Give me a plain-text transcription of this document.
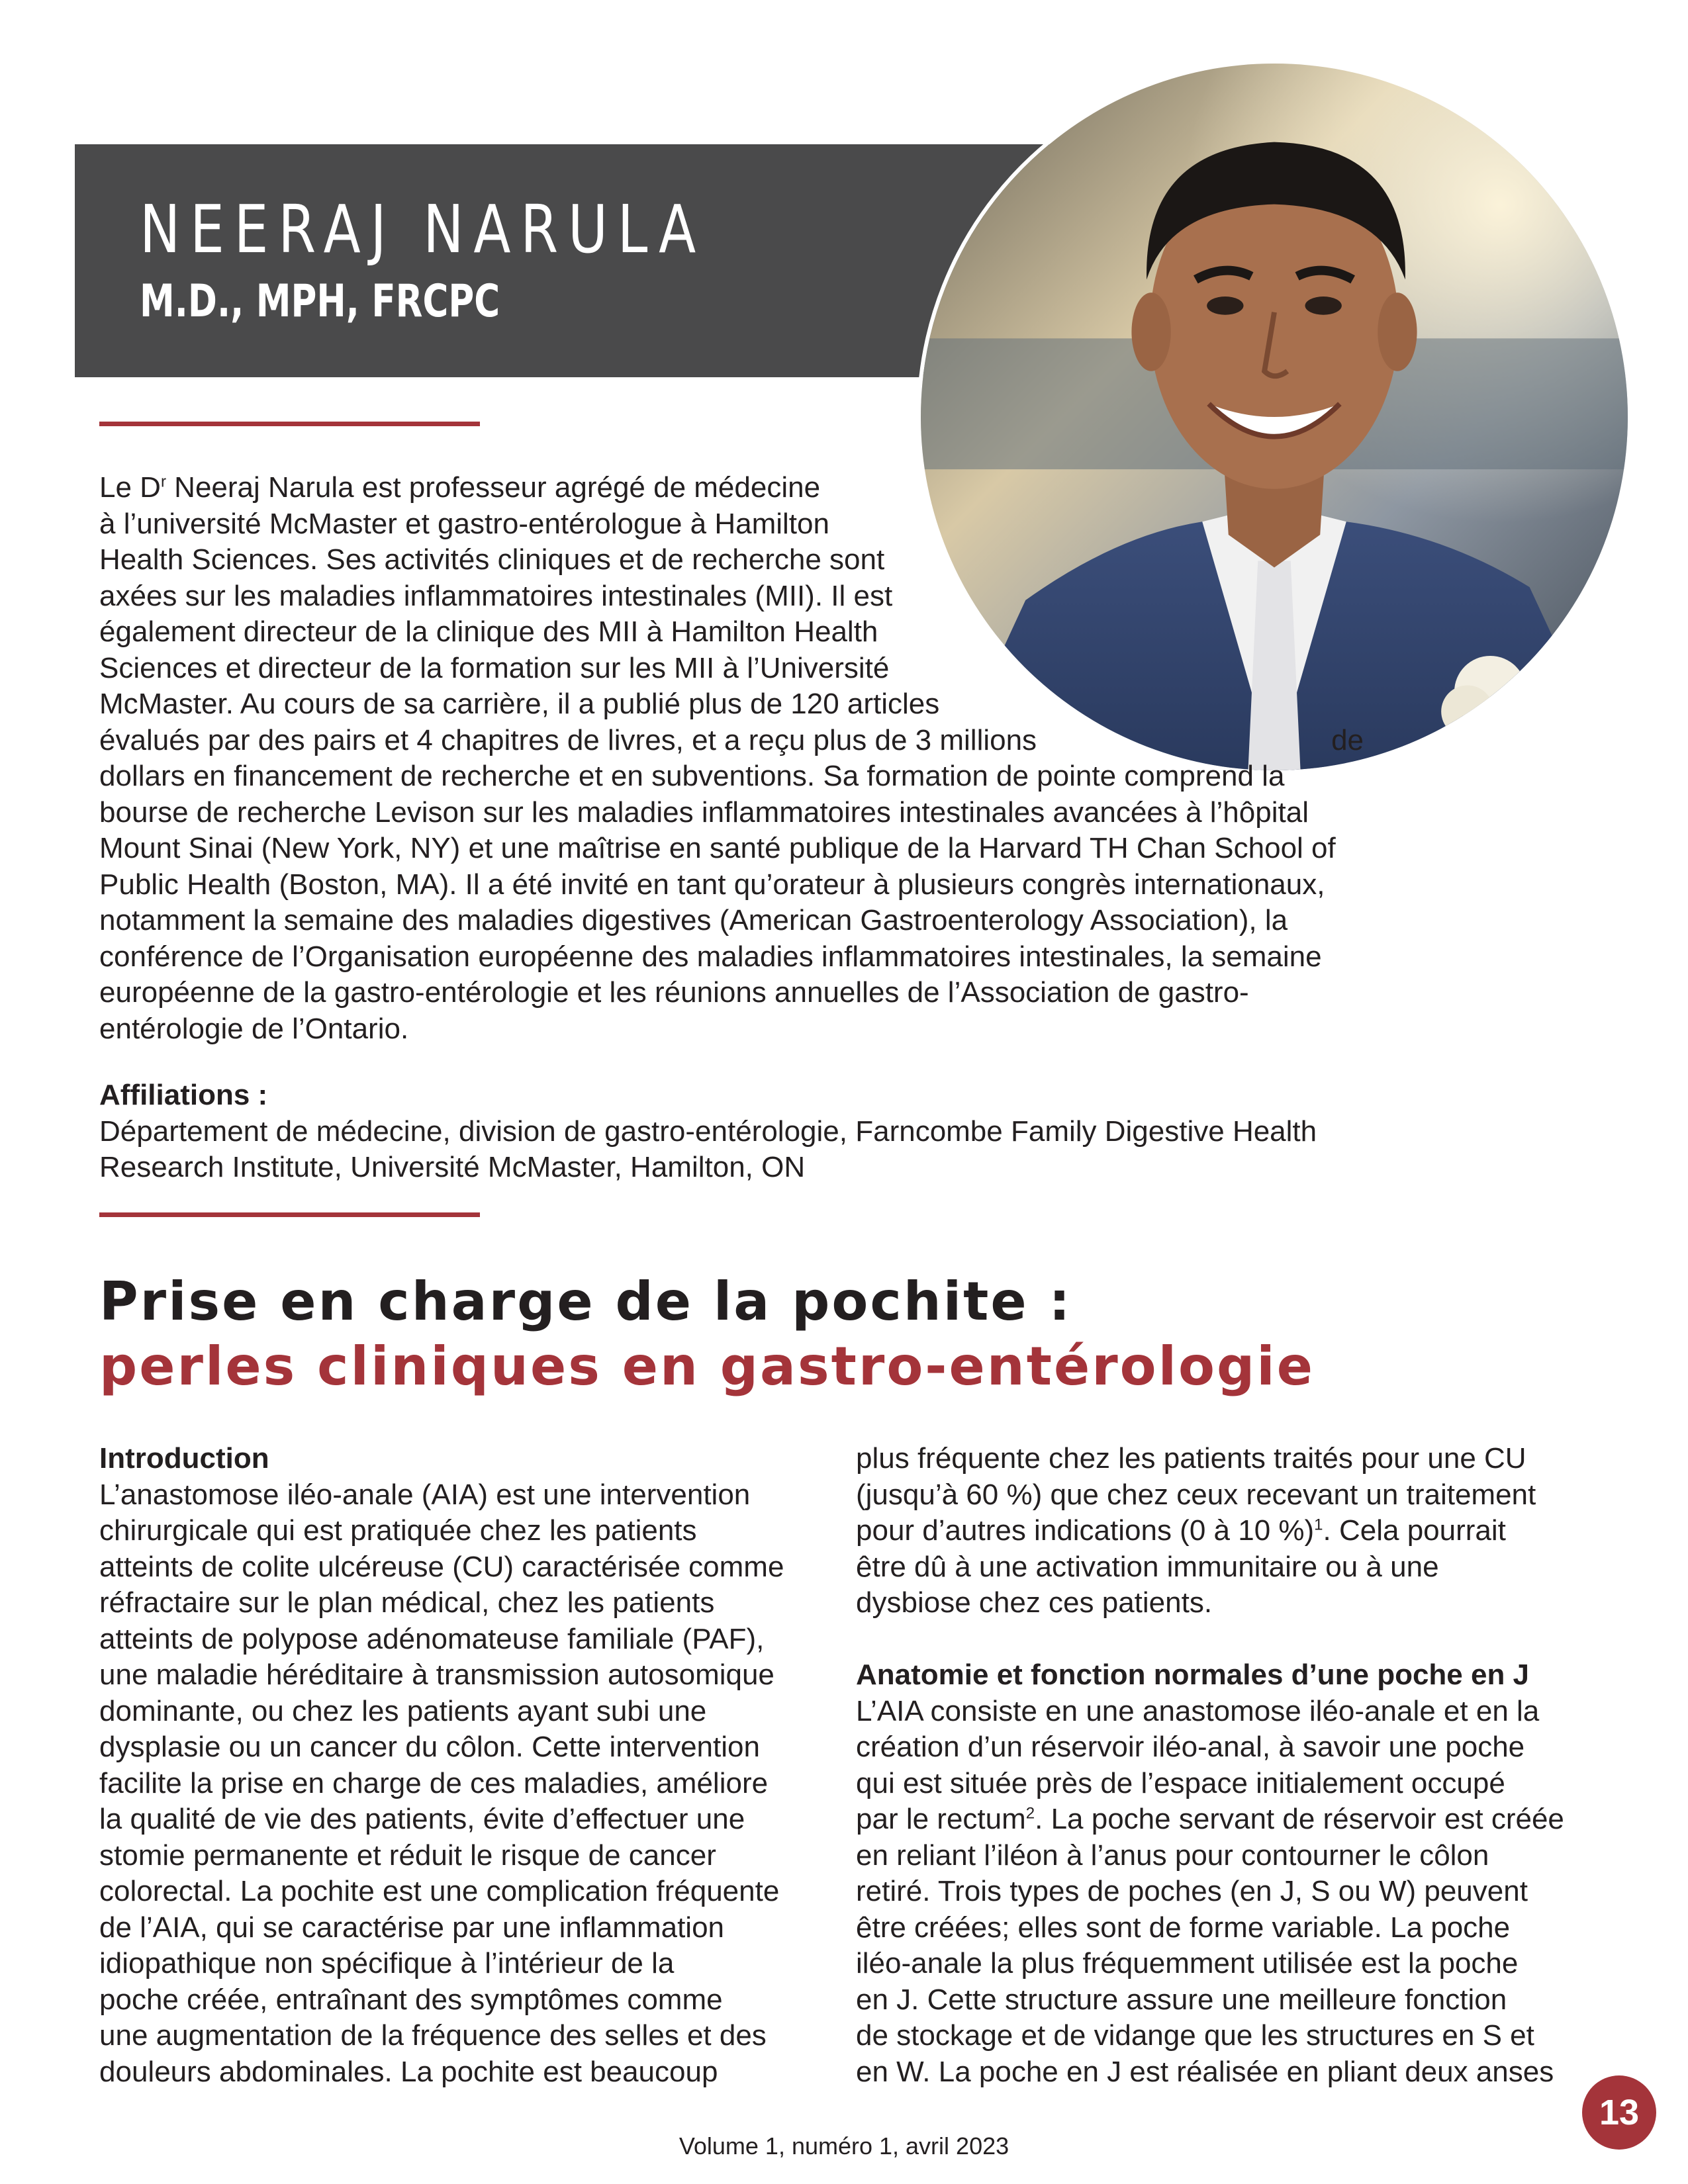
NEERAJ NARULA
M.D., MPH, FRCPC
Le $D^r$ Neeraj Narula est professeur agrégé de médecine
à l’université McMaster et gastro-entérologue à Hamilton
Health Sciences. Ses activités cliniques et de recherche sont
axées sur les maladies inflammatoires intestinales (MII). Il est
également directeur de la clinique des MII à Hamilton Health
Sciences et directeur de la formation sur les MII à l’Université
McMaster. Au cours de sa carrière, il a publié plus de 120 articles
évalués par des pairs et 4 chapitres de livres, et a reçu plus de 3 millions	de
dollars en financement de recherche et en subventions. Sa formation de pointe comprend la
bourse de recherche Levison sur les maladies inflammatoires intestinales avancées à l’hôpital
Mount Sinai (New York, NY) et une maîtrise en santé publique de la Harvard TH Chan School of
Public Health (Boston, MA). Il a été invité en tant qu’orateur à plusieurs congrès internationaux,
notamment la semaine des maladies digestives (American Gastroenterology Association), la
conférence de l’Organisation européenne des maladies inflammatoires intestinales, la semaine
européenne de la gastro-entérologie et les réunions annuelles de l’Association de gastro-
entérologie de l’Ontario.
Affiliations :
Département de médecine, division de gastro-entérologie, Farncombe Family Digestive Health
Research Institute, Université McMaster, Hamilton, ON
Prise en charge de la pochite :
perles cliniques en gastro-entérologie
Introduction
L’anastomose iléo-anale (AIA) est une intervention
chirurgicale qui est pratiquée chez les patients
atteints de colite ulcéreuse (CU) caractérisée comme
réfractaire sur le plan médical, chez les patients
atteints de polypose adénomateuse familiale (PAF),
une maladie héréditaire à transmission autosomique
dominante, ou chez les patients ayant subi une
dysplasie ou un cancer du côlon. Cette intervention
facilite la prise en charge de ces maladies, améliore
la qualité de vie des patients, évite d’effectuer une
stomie permanente et réduit le risque de cancer
colorectal. La pochite est une complication fréquente
de l’AIA, qui se caractérise par une inflammation
idiopathique non spécifique à l’intérieur de la
poche créée, entraînant des symptômes comme
une augmentation de la fréquence des selles et des
douleurs abdominales. La pochite est beaucoup
plus fréquente chez les patients traités pour une CU
(jusqu’à 60 %) que chez ceux recevant un traitement
pour d’autres indications (0 à 10 %)$^1$. Cela pourrait
être dû à une activation immunitaire ou à une
dysbiose chez ces patients.
Anatomie et fonction normales d’une poche en J
L’AIA consiste en une anastomose iléo-anale et en la
création d’un réservoir iléo-anal, à savoir une poche
qui est située près de l’espace initialement occupé
par le rectum$^2$. La poche servant de réservoir est créée
en reliant l’iléon à l’anus pour contourner le côlon
retiré. Trois types de poches (en J, S ou W) peuvent
être créées; elles sont de forme variable. La poche
iléo-anale la plus fréquemment utilisée est la poche
en J. Cette structure assure une meilleure fonction
de stockage et de vidange que les structures en S et
en W. La poche en J est réalisée en pliant deux anses
Volume 1, numéro 1, avril 2023
13
